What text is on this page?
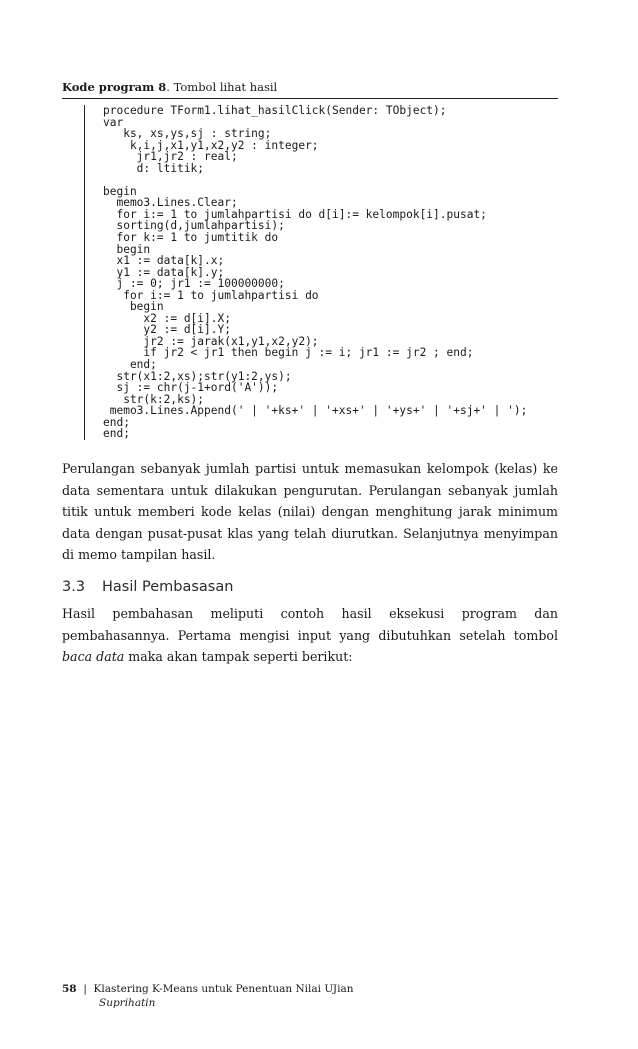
Kode program 8. Tombol lihat hasil
procedure TForm1.lihat_hasilClick(Sender: TObject);
var
ks, xs,ys,sj : string;
k,i,j,x1,y1,x2,y2 : integer;
jr1,jr2 : real;
d: ltitik;
begin
memo3.Lines.Clear;
for i:= 1 to jumlahpartisi do d[i]:= kelompok[i].pusat;
sorting(d,jumlahpartisi);
for k:= 1 to jumtitik do
begin
x1 := data[k].x;
y1 := data[k].y;
j := 0; jr1 := 100000000;
for i:= 1 to jumlahpartisi do
begin
x2 := d[i].X;
y2 := d[i].Y;
jr2 := jarak(x1,y1,x2,y2);
if jr2 < jr1 then begin j := i; jr1 := jr2 ; end;
end;
str(x1:2,xs);str(y1:2,ys);
sj := chr(j-1+ord('A'));
str(k:2,ks);
memo3.Lines.Append(' | '+ks+' | '+xs+' | '+ys+' | '+sj+' | ');
end;
end;

Perulangan sebanyak jumlah partisi untuk memasukan kelompok (kelas) ke data sementara untuk dilakukan pengurutan. Perulangan sebanyak jumlah titik untuk memberi kode kelas (nilai) dengan menghitung jarak minimum data dengan pusat-pusat klas yang telah diurutkan. Selanjutnya menyimpan di memo tampilan hasil.

3.3 Hasil Pembasasan

Hasil pembahasan meliputi contoh hasil eksekusi program dan pembahasannya. Pertama mengisi input yang dibutuhkan setelah tombol baca data maka akan tampak seperti berikut:

58 | Klastering K-Means untuk Penentuan Nilai UJian
Suprihatin
